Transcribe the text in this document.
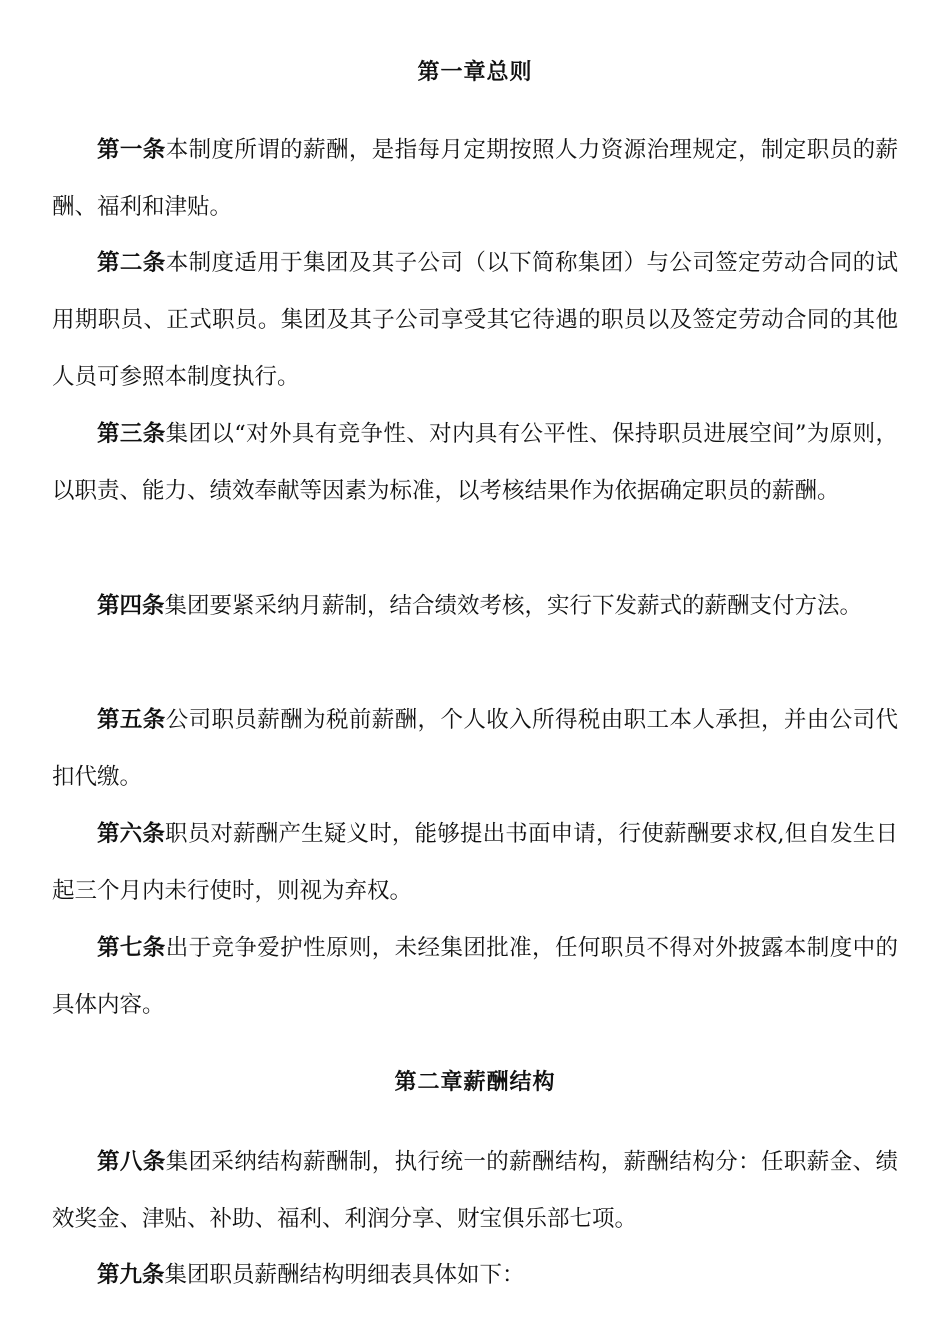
第一章总则

第一条本制度所谓的薪酬，是指每月定期按照人力资源治理规定，制定职员的薪酬、福利和津贴。

第二条本制度适用于集团及其子公司（以下简称集团）与公司签定劳动合同的试用期职员、正式职员。集团及其子公司享受其它待遇的职员以及签定劳动合同的其他人员可参照本制度执行。

第三条集团以“对外具有竞争性、对内具有公平性、保持职员进展空间”为原则，以职责、能力、绩效奉献等因素为标准，以考核结果作为依据确定职员的薪酬。

第四条集团要紧采纳月薪制，结合绩效考核，实行下发薪式的薪酬支付方法。

第五条公司职员薪酬为税前薪酬，个人收入所得税由职工本人承担，并由公司代扣代缴。

第六条职员对薪酬产生疑义时，能够提出书面申请，行使薪酬要求权,但自发生日起三个月内未行使时，则视为弃权。

第七条出于竞争爱护性原则，未经集团批准，任何职员不得对外披露本制度中的具体内容。

第二章薪酬结构

第八条集团采纳结构薪酬制，执行统一的薪酬结构，薪酬结构分：任职薪金、绩效奖金、津贴、补助、福利、利润分享、财宝俱乐部七项。

第九条集团职员薪酬结构明细表具体如下：
